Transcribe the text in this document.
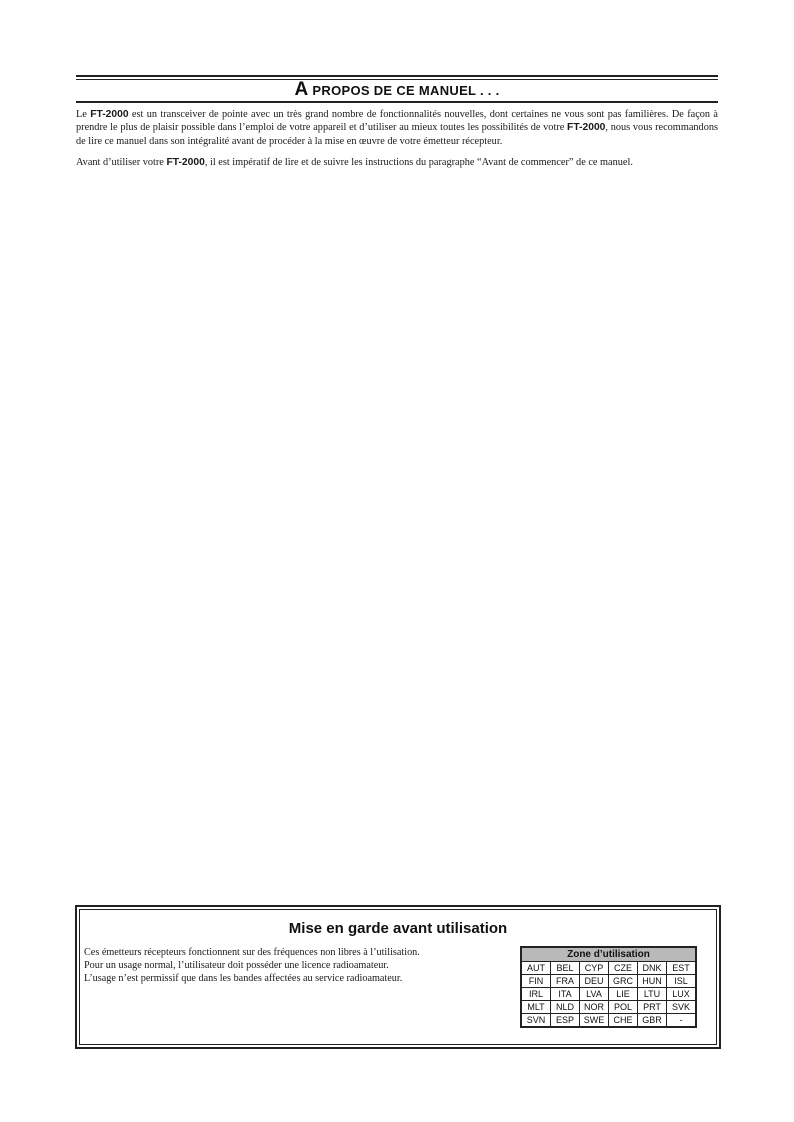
A PROPOS DE CE MANUEL . . .

Le FT-2000 est un transceiver de pointe avec un très grand nombre de fonctionnalités nouvelles, dont certaines ne vous sont pas familières. De façon à prendre le plus de plaisir possible dans l’emploi de votre appareil et d’utiliser au mieux toutes les possibilités de votre FT-2000, nous vous recommandons de lire ce manuel dans son intégralité avant de procéder à la mise en œuvre de votre émetteur récepteur.

Avant d’utiliser votre FT-2000, il est impératif de lire et de suivre les instructions du paragraphe “Avant de commencer” de ce manuel.

Mise en garde avant utilisation
Ces émetteurs récepteurs fonctionnent sur des fréquences non libres à l’utilisation.
Pour un usage normal, l’utilisateur doit posséder une licence radioamateur.
L’usage n’est permissif que dans les bandes affectées au service radioamateur.
Zone d’utilisation					
AUT	BEL	CYP	CZE	DNK	EST
FIN	FRA	DEU	GRC	HUN	ISL
IRL	ITA	LVA	LIE	LTU	LUX
MLT	NLD	NOR	POL	PRT	SVK
SVN	ESP	SWE	CHE	GBR	-
